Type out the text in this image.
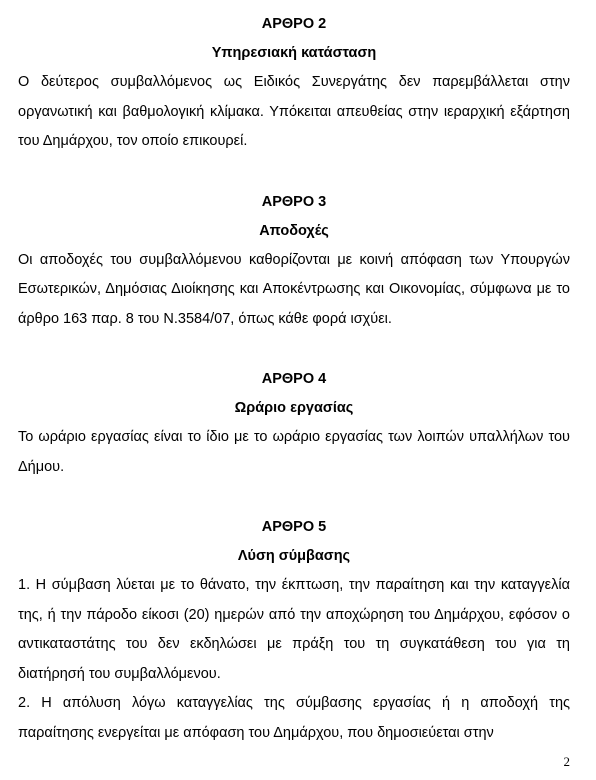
ΑΡΘΡΟ 2

Υπηρεσιακή κατάσταση

Ο δεύτερος συμβαλλόμενος ως Ειδικός Συνεργάτης δεν παρεμβάλλεται στην οργανωτική και βαθμολογική κλίμακα. Υπόκειται απευθείας στην ιεραρχική εξάρτηση του Δημάρχου, τον οποίο επικουρεί.

ΑΡΘΡΟ 3

Αποδοχές

Οι αποδοχές του συμβαλλόμενου καθορίζονται με κοινή απόφαση των Υπουργών Εσωτερικών, Δημόσιας Διοίκησης και Αποκέντρωσης και Οικονομίας, σύμφωνα με το άρθρο 163 παρ. 8 του Ν.3584/07, όπως κάθε φορά ισχύει.

ΑΡΘΡΟ 4

Ωράριο εργασίας

Το ωράριο εργασίας είναι το ίδιο με το ωράριο εργασίας των λοιπών υπαλλήλων του Δήμου.

ΑΡΘΡΟ 5

Λύση σύμβασης

1. Η σύμβαση λύεται με το θάνατο, την έκπτωση, την παραίτηση και την καταγγελία της, ή την πάροδο είκοσι (20) ημερών από την αποχώρηση του Δημάρχου, εφόσον ο αντικαταστάτης του δεν εκδηλώσει με πράξη του τη συγκατάθεση του για τη διατήρησή του συμβαλλόμενου.

2. Η απόλυση λόγω καταγγελίας της σύμβασης εργασίας ή η αποδοχή της παραίτησης ενεργείται με απόφαση του Δημάρχου, που δημοσιεύεται στην

2
